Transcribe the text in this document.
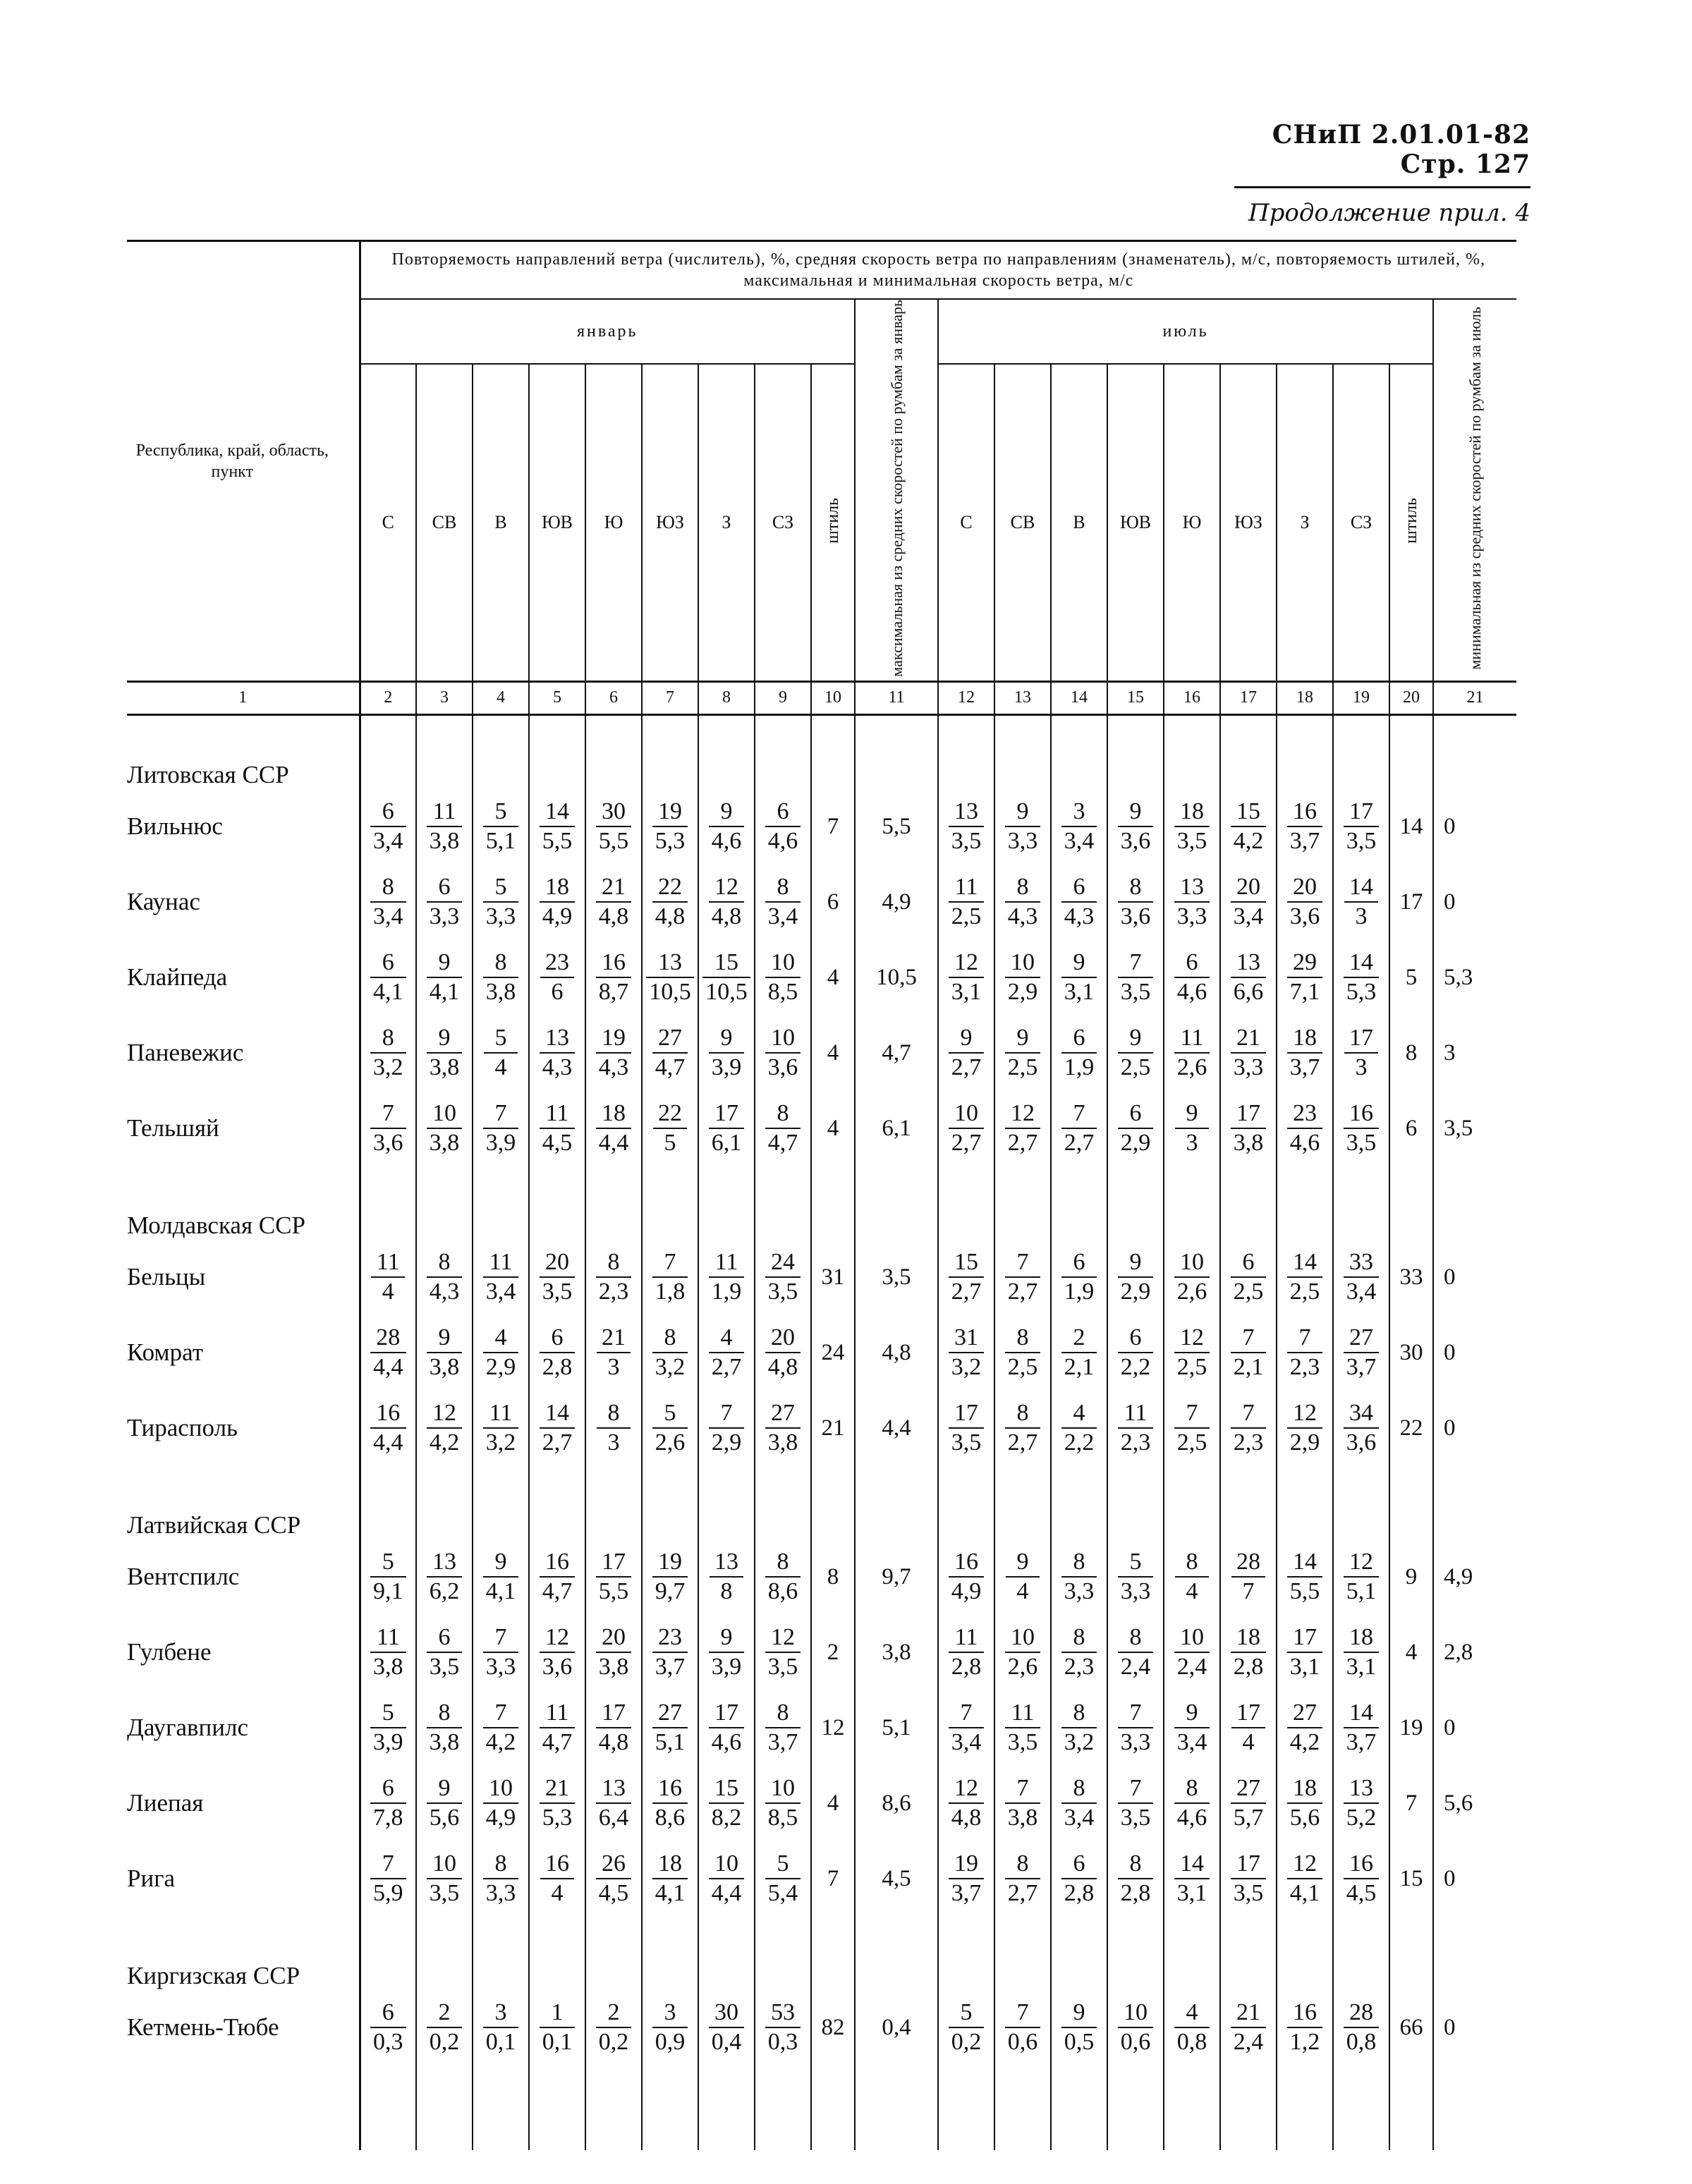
СНиП 2.01.01-82 Стр. 127
Продолжение прил. 4
Республика, край, область, пункт	Повторяемость направлений ветра (числитель), %, средняя скорость ветра по направлениям (знаменатель), м/с, повторяемость штилей, %, максимальная и минимальная скорость ветра, м/с																			
	январь									максимальная из средних скоростей по румбам за январь	июль									минимальная из средних скоростей по румбам за июль
	С	СВ	В	ЮВ	Ю	ЮЗ	З	СЗ	штиль		С	СВ	В	ЮВ	Ю	ЮЗ	З	СЗ	штиль	
1	2	3	4	5	6	7	8	9	10	11	12	13	14	15	16	17	18	19	20	21

Литовская ССР																				
Вильнюс	$\frac{6}{3,4}$	$\frac{11}{3,8}$	$\frac{5}{5,1}$	$\frac{14}{5,5}$	$\frac{30}{5,5}$	$\frac{19}{5,3}$	$\frac{9}{4,6}$	$\frac{6}{4,6}$	7	5,5	$\frac{13}{3,5}$	$\frac{9}{3,3}$	$\frac{3}{3,4}$	$\frac{9}{3,6}$	$\frac{18}{3,5}$	$\frac{15}{4,2}$	$\frac{16}{3,7}$	$\frac{17}{3,5}$	14	0
Каунас	$\frac{8}{3,4}$	$\frac{6}{3,3}$	$\frac{5}{3,3}$	$\frac{18}{4,9}$	$\frac{21}{4,8}$	$\frac{22}{4,8}$	$\frac{12}{4,8}$	$\frac{8}{3,4}$	6	4,9	$\frac{11}{2,5}$	$\frac{8}{4,3}$	$\frac{6}{4,3}$	$\frac{8}{3,6}$	$\frac{13}{3,3}$	$\frac{20}{3,4}$	$\frac{20}{3,6}$	$\frac{14}{3}$	17	0
Клайпеда	$\frac{6}{4,1}$	$\frac{9}{4,1}$	$\frac{8}{3,8}$	$\frac{23}{6}$	$\frac{16}{8,7}$	$\frac{13}{10,5}$	$\frac{15}{10,5}$	$\frac{10}{8,5}$	4	10,5	$\frac{12}{3,1}$	$\frac{10}{2,9}$	$\frac{9}{3,1}$	$\frac{7}{3,5}$	$\frac{6}{4,6}$	$\frac{13}{6,6}$	$\frac{29}{7,1}$	$\frac{14}{5,3}$	5	5,3
Паневежис	$\frac{8}{3,2}$	$\frac{9}{3,8}$	$\frac{5}{4}$	$\frac{13}{4,3}$	$\frac{19}{4,3}$	$\frac{27}{4,7}$	$\frac{9}{3,9}$	$\frac{10}{3,6}$	4	4,7	$\frac{9}{2,7}$	$\frac{9}{2,5}$	$\frac{6}{1,9}$	$\frac{9}{2,5}$	$\frac{11}{2,6}$	$\frac{21}{3,3}$	$\frac{18}{3,7}$	$\frac{17}{3}$	8	3
Тельшяй	$\frac{7}{3,6}$	$\frac{10}{3,8}$	$\frac{7}{3,9}$	$\frac{11}{4,5}$	$\frac{18}{4,4}$	$\frac{22}{5}$	$\frac{17}{6,1}$	$\frac{8}{4,7}$	4	6,1	$\frac{10}{2,7}$	$\frac{12}{2,7}$	$\frac{7}{2,7}$	$\frac{6}{2,9}$	$\frac{9}{3}$	$\frac{17}{3,8}$	$\frac{23}{4,6}$	$\frac{16}{3,5}$	6	3,5

Молдавская ССР																				
Бельцы	$\frac{11}{4}$	$\frac{8}{4,3}$	$\frac{11}{3,4}$	$\frac{20}{3,5}$	$\frac{8}{2,3}$	$\frac{7}{1,8}$	$\frac{11}{1,9}$	$\frac{24}{3,5}$	31	3,5	$\frac{15}{2,7}$	$\frac{7}{2,7}$	$\frac{6}{1,9}$	$\frac{9}{2,9}$	$\frac{10}{2,6}$	$\frac{6}{2,5}$	$\frac{14}{2,5}$	$\frac{33}{3,4}$	33	0
Комрат	$\frac{28}{4,4}$	$\frac{9}{3,8}$	$\frac{4}{2,9}$	$\frac{6}{2,8}$	$\frac{21}{3}$	$\frac{8}{3,2}$	$\frac{4}{2,7}$	$\frac{20}{4,8}$	24	4,8	$\frac{31}{3,2}$	$\frac{8}{2,5}$	$\frac{2}{2,1}$	$\frac{6}{2,2}$	$\frac{12}{2,5}$	$\frac{7}{2,1}$	$\frac{7}{2,3}$	$\frac{27}{3,7}$	30	0
Тирасполь	$\frac{16}{4,4}$	$\frac{12}{4,2}$	$\frac{11}{3,2}$	$\frac{14}{2,7}$	$\frac{8}{3}$	$\frac{5}{2,6}$	$\frac{7}{2,9}$	$\frac{27}{3,8}$	21	4,4	$\frac{17}{3,5}$	$\frac{8}{2,7}$	$\frac{4}{2,2}$	$\frac{11}{2,3}$	$\frac{7}{2,5}$	$\frac{7}{2,3}$	$\frac{12}{2,9}$	$\frac{34}{3,6}$	22	0

Латвийская ССР																				
Вентспилс	$\frac{5}{9,1}$	$\frac{13}{6,2}$	$\frac{9}{4,1}$	$\frac{16}{4,7}$	$\frac{17}{5,5}$	$\frac{19}{9,7}$	$\frac{13}{8}$	$\frac{8}{8,6}$	8	9,7	$\frac{16}{4,9}$	$\frac{9}{4}$	$\frac{8}{3,3}$	$\frac{5}{3,3}$	$\frac{8}{4}$	$\frac{28}{7}$	$\frac{14}{5,5}$	$\frac{12}{5,1}$	9	4,9
Гулбене	$\frac{11}{3,8}$	$\frac{6}{3,5}$	$\frac{7}{3,3}$	$\frac{12}{3,6}$	$\frac{20}{3,8}$	$\frac{23}{3,7}$	$\frac{9}{3,9}$	$\frac{12}{3,5}$	2	3,8	$\frac{11}{2,8}$	$\frac{10}{2,6}$	$\frac{8}{2,3}$	$\frac{8}{2,4}$	$\frac{10}{2,4}$	$\frac{18}{2,8}$	$\frac{17}{3,1}$	$\frac{18}{3,1}$	4	2,8
Даугавпилс	$\frac{5}{3,9}$	$\frac{8}{3,8}$	$\frac{7}{4,2}$	$\frac{11}{4,7}$	$\frac{17}{4,8}$	$\frac{27}{5,1}$	$\frac{17}{4,6}$	$\frac{8}{3,7}$	12	5,1	$\frac{7}{3,4}$	$\frac{11}{3,5}$	$\frac{8}{3,2}$	$\frac{7}{3,3}$	$\frac{9}{3,4}$	$\frac{17}{4}$	$\frac{27}{4,2}$	$\frac{14}{3,7}$	19	0
Лиепая	$\frac{6}{7,8}$	$\frac{9}{5,6}$	$\frac{10}{4,9}$	$\frac{21}{5,3}$	$\frac{13}{6,4}$	$\frac{16}{8,6}$	$\frac{15}{8,2}$	$\frac{10}{8,5}$	4	8,6	$\frac{12}{4,8}$	$\frac{7}{3,8}$	$\frac{8}{3,4}$	$\frac{7}{3,5}$	$\frac{8}{4,6}$	$\frac{27}{5,7}$	$\frac{18}{5,6}$	$\frac{13}{5,2}$	7	5,6
Рига	$\frac{7}{5,9}$	$\frac{10}{3,5}$	$\frac{8}{3,3}$	$\frac{16}{4}$	$\frac{26}{4,5}$	$\frac{18}{4,1}$	$\frac{10}{4,4}$	$\frac{5}{5,4}$	7	4,5	$\frac{19}{3,7}$	$\frac{8}{2,7}$	$\frac{6}{2,8}$	$\frac{8}{2,8}$	$\frac{14}{3,1}$	$\frac{17}{3,5}$	$\frac{12}{4,1}$	$\frac{16}{4,5}$	15	0

Киргизская ССР																				
Кетмень-Тюбе	$\frac{6}{0,3}$	$\frac{2}{0,2}$	$\frac{3}{0,1}$	$\frac{1}{0,1}$	$\frac{2}{0,2}$	$\frac{3}{0,9}$	$\frac{30}{0,4}$	$\frac{53}{0,3}$	82	0,4	$\frac{5}{0,2}$	$\frac{7}{0,6}$	$\frac{9}{0,5}$	$\frac{10}{0,6}$	$\frac{4}{0,8}$	$\frac{21}{2,4}$	$\frac{16}{1,2}$	$\frac{28}{0,8}$	66	0
